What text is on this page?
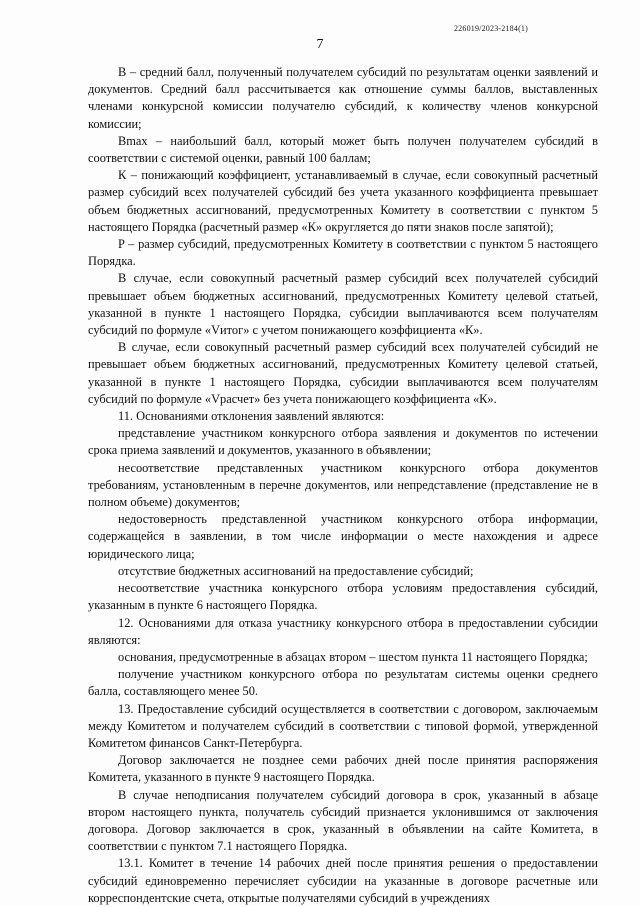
226019/2023-2184(1)
7

B – средний балл, полученный получателем субсидий по результатам оценки заявлений и документов. Средний балл рассчитывается как отношение суммы баллов, выставленных членами конкурсной комиссии получателю субсидий, к количеству членов конкурсной комиссии;

Bmax – наибольший балл, который может быть получен получателем субсидий в соответствии с системой оценки, равный 100 баллам;

К – понижающий коэффициент, устанавливаемый в случае, если совокупный расчетный размер субсидий всех получателей субсидий без учета указанного коэффициента превышает объем бюджетных ассигнований, предусмотренных Комитету в соответствии с пунктом 5 настоящего Порядка (расчетный размер «К» округляется до пяти знаков после запятой);

P – размер субсидий, предусмотренных Комитету в соответствии с пунктом 5 настоящего Порядка.

В случае, если совокупный расчетный размер субсидий всех получателей субсидий превышает объем бюджетных ассигнований, предусмотренных Комитету целевой статьей, указанной в пункте 1 настоящего Порядка, субсидии выплачиваются всем получателям субсидий по формуле «Vитог» с учетом понижающего коэффициента «К».

В случае, если совокупный расчетный размер субсидий всех получателей субсидий не превышает объем бюджетных ассигнований, предусмотренных Комитету целевой статьей, указанной в пункте 1 настоящего Порядка, субсидии выплачиваются всем получателям субсидий по формуле «Vрасчет» без учета понижающего коэффициента «К».

11. Основаниями отклонения заявлений являются:

представление участником конкурсного отбора заявления и документов по истечении срока приема заявлений и документов, указанного в объявлении;

несоответствие представленных участником конкурсного отбора документов требованиям, установленным в перечне документов, или непредставление (представление не в полном объеме) документов;

недостоверность представленной участником конкурсного отбора информации, содержащейся в заявлении, в том числе информации о месте нахождения и адресе юридического лица;

отсутствие бюджетных ассигнований на предоставление субсидий;

несоответствие участника конкурсного отбора условиям предоставления субсидий, указанным в пункте 6 настоящего Порядка.

12. Основаниями для отказа участнику конкурсного отбора в предоставлении субсидии являются:

основания, предусмотренные в абзацах втором – шестом пункта 11 настоящего Порядка;

получение участником конкурсного отбора по результатам системы оценки среднего балла, составляющего менее 50.

13. Предоставление субсидий осуществляется в соответствии с договором, заключаемым между Комитетом и получателем субсидий в соответствии с типовой формой, утвержденной Комитетом финансов Санкт-Петербурга.

Договор заключается не позднее семи рабочих дней после принятия распоряжения Комитета, указанного в пункте 9 настоящего Порядка.

В случае неподписания получателем субсидий договора в срок, указанный в абзаце втором настоящего пункта, получатель субсидий признается уклонившимся от заключения договора. Договор заключается в срок, указанный в объявлении на сайте Комитета, в соответствии с пунктом 7.1 настоящего Порядка.

13.1. Комитет в течение 14 рабочих дней после принятия решения о предоставлении субсидий единовременно перечисляет субсидии на указанные в договоре расчетные или корреспондентские счета, открытые получателями субсидий в учреждениях
